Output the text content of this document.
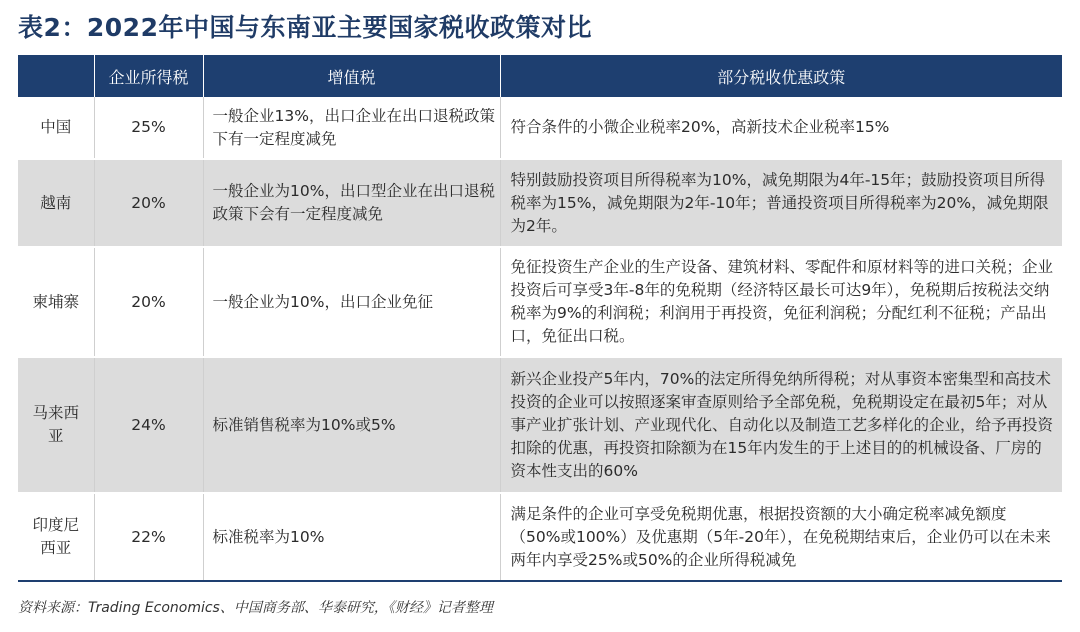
表2：2022年中国与东南亚主要国家税收政策对比
	企业所得税	增值税	部分税收优惠政策
中国	25%	一般企业13%，出口企业在出口退税政策下有一定程度减免	符合条件的小微企业税率20%，高新技术企业税率15%
越南	20%	一般企业为10%，出口型企业在出口退税政策下会有一定程度减免	特别鼓励投资项目所得税率为10%，减免期限为4年-15年；鼓励投资项目所得税率为15%，减免期限为2年-10年；普通投资项目所得税率为20%，减免期限为2年。
柬埔寨	20%	一般企业为10%，出口企业免征	免征投资生产企业的生产设备、建筑材料、零配件和原材料等的进口关税；企业投资后可享受3年-8年的免税期（经济特区最长可达9年），免税期后按税法交纳税率为9%的利润税；利润用于再投资，免征利润税；分配红利不征税；产品出口，免征出口税。
马来西亚	24%	标准销售税率为10%或5%	新兴企业投产5年内，70%的法定所得免纳所得税；对从事资本密集型和高技术投资的企业可以按照逐案审查原则给予全部免税，免税期设定在最初5年；对从事产业扩张计划、产业现代化、自动化以及制造工艺多样化的企业，给予再投资扣除的优惠，再投资扣除额为在15年内发生的于上述目的的机械设备、厂房的资本性支出的60%
印度尼西亚	22%	标准税率为10%	满足条件的企业可享受免税期优惠，根据投资额的大小确定税率减免额度（50%或100%）及优惠期（5年-20年），在免税期结束后，企业仍可以在未来两年内享受25%或50%的企业所得税减免
资料来源：Trading Economics、中国商务部、华泰研究，《财经》记者整理
